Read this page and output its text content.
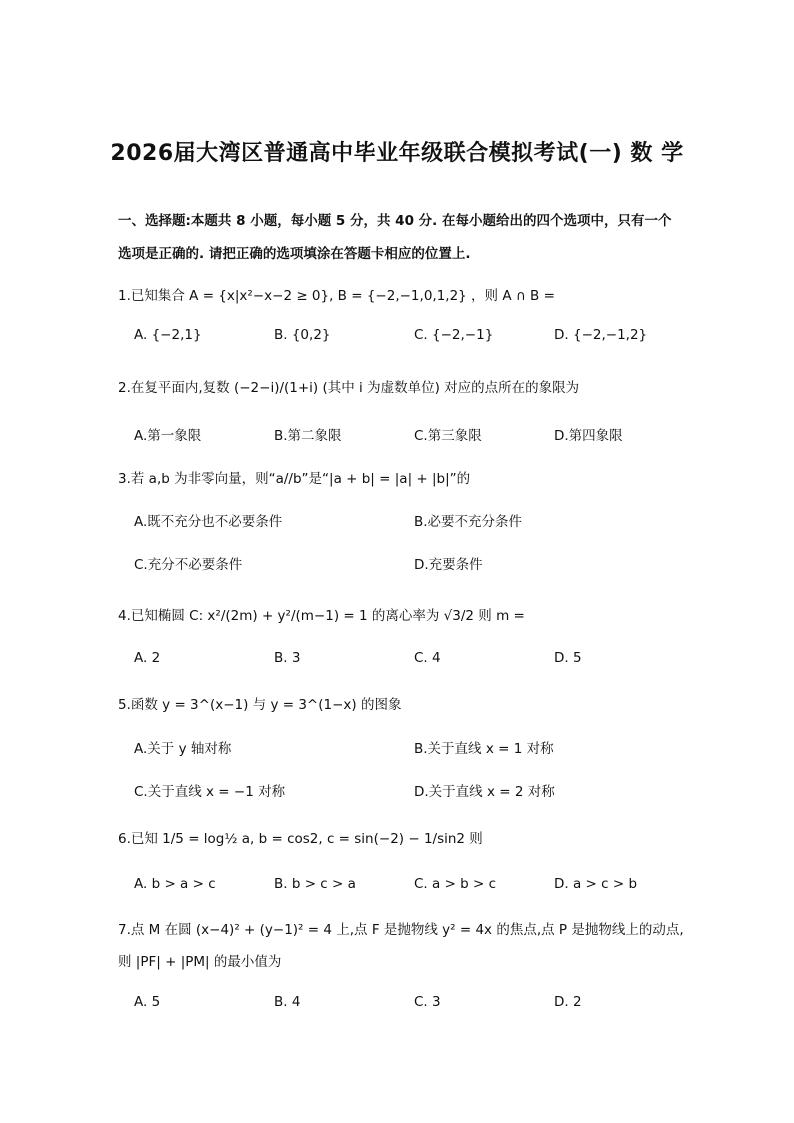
2026届大湾区普通高中毕业年级联合模拟考试(一) 数 学
一、选择题:本题共 8 小题，每小题 5 分，共 40 分. 在每小题给出的四个选项中，只有一个
选项是正确的. 请把正确的选项填涂在答题卡相应的位置上.
1.已知集合 A = {x|x²−x−2 ≥ 0}, B = {−2,−1,0,1,2} ，则 A ∩ B =
A. {−2,1}	B. {0,2}	C. {−2,−1}	D. {−2,−1,2}
2.在复平面内,复数 (−2−i)/(1+i) (其中 i 为虚数单位) 对应的点所在的象限为
A.第一象限	B.第二象限	C.第三象限	D.第四象限
3.若 a,b 为非零向量，则“a//b”是“|a + b| = |a| + |b|”的
A.既不充分也不必要条件	B.必要不充分条件
C.充分不必要条件	D.充要条件
4.已知椭圆 C: x²/(2m) + y²/(m−1) = 1 的离心率为 √3/2 则 m =
A. 2	B. 3	C. 4	D. 5
5.函数 y = 3^(x−1) 与 y = 3^(1−x) 的图象
A.关于 y 轴对称	B.关于直线 x = 1 对称
C.关于直线 x = −1 对称	D.关于直线 x = 2 对称
6.已知 1/5 = log½ a, b = cos2, c = sin(−2) − 1/sin2 则
A. b > a > c	B. b > c > a	C. a > b > c	D. a > c > b
7.点 M 在圆 (x−4)² + (y−1)² = 4 上,点 F 是抛物线 y² = 4x 的焦点,点 P 是抛物线上的动点,
则 |PF| + |PM| 的最小值为
A. 5	B. 4	C. 3	D. 2
